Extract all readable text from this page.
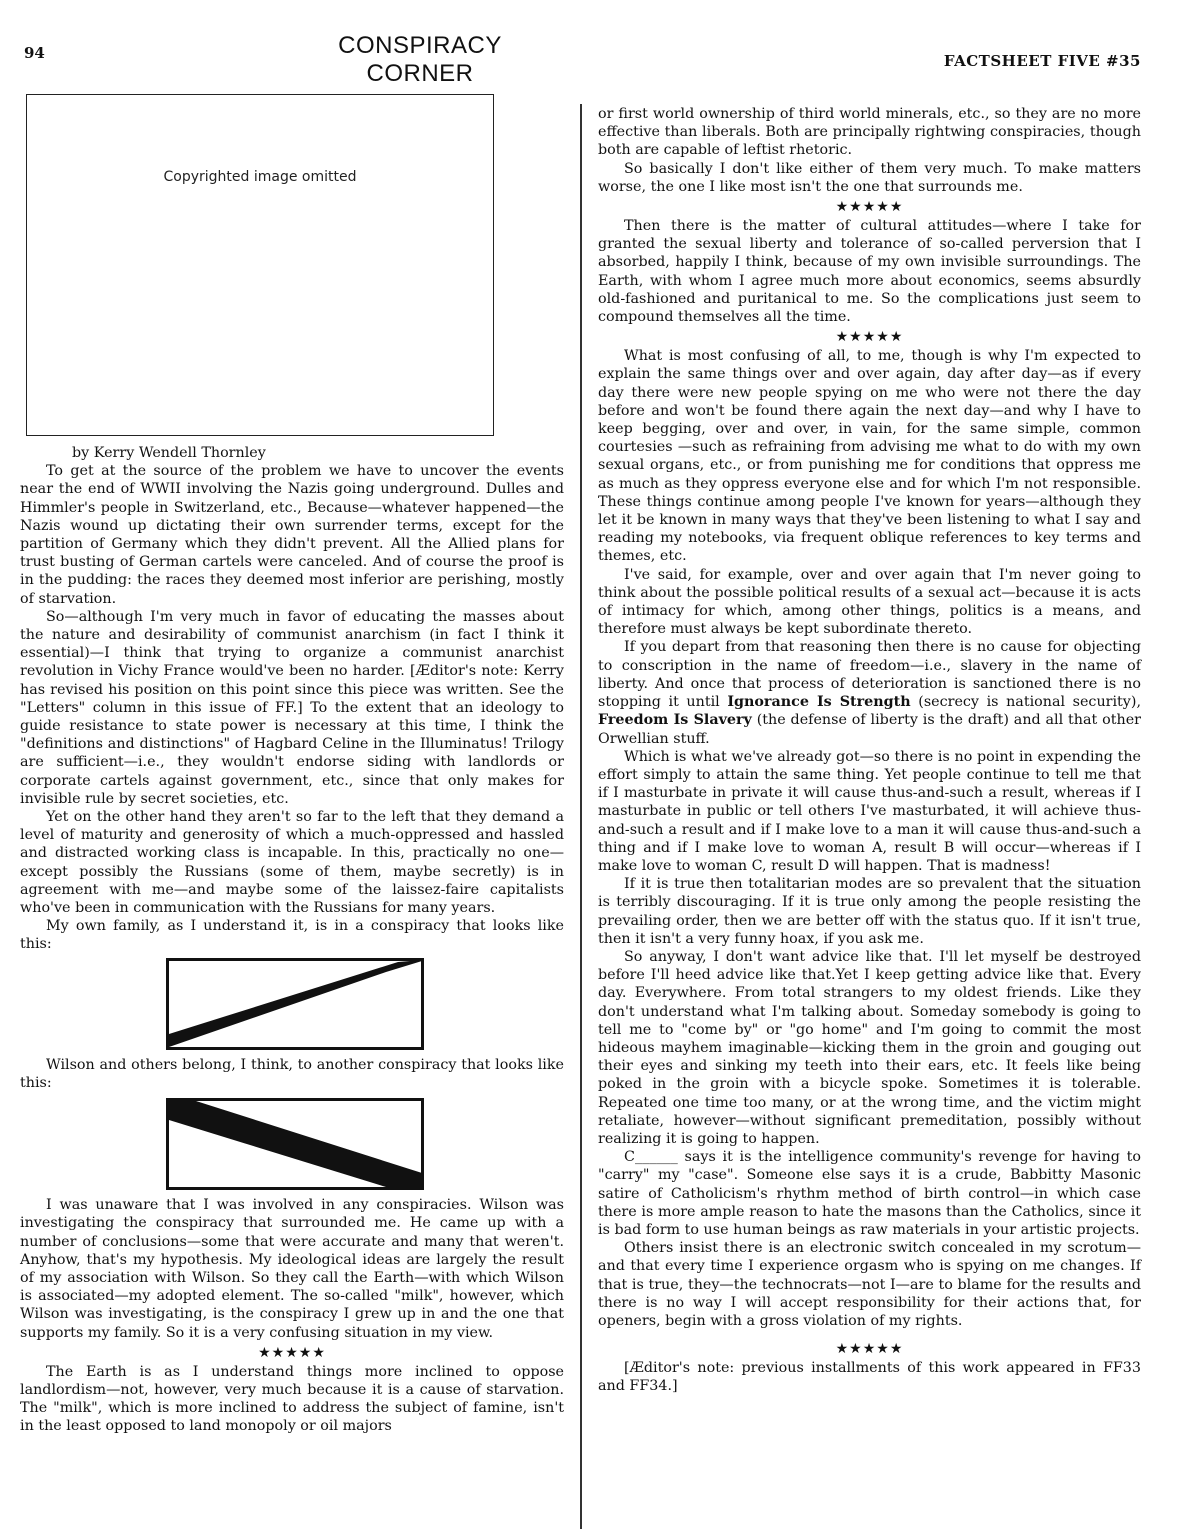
94	CONSPIRACY
CORNER	FACTSHEET FIVE #35
Copyrighted image omitted

by Kerry Wendell Thornley

To get at the source of the problem we have to uncover the events near the end of WWII involving the Nazis going underground. Dulles and Himmler's people in Switzerland, etc., Because—whatever happened—the Nazis wound up dictating their own surrender terms, except for the partition of Germany which they didn't prevent. All the Allied plans for trust busting of German cartels were canceled. And of course the proof is in the pudding: the races they deemed most inferior are perishing, mostly of starvation.

So—although I'm very much in favor of educating the masses about the nature and desirability of communist anarchism (in fact I think it essential)—I think that trying to organize a communist anarchist revolution in Vichy France would've been no harder. [Æditor's note: Kerry has revised his position on this point since this piece was written. See the "Letters" column in this issue of FF.] To the extent that an ideology to guide resistance to state power is necessary at this time, I think the "definitions and distinctions" of Hagbard Celine in the Illuminatus! Trilogy are sufficient—i.e., they wouldn't endorse siding with landlords or corporate cartels against government, etc., since that only makes for invisible rule by secret societies, etc.

Yet on the other hand they aren't so far to the left that they demand a level of maturity and generosity of which a much-oppressed and hassled and distracted working class is incapable. In this, practically no one—except possibly the Russians (some of them, maybe secretly) is in agreement with me—and maybe some of the laissez-faire capitalists who've been in communication with the Russians for many years.

My own family, as I understand it, is in a conspiracy that looks like this:

Wilson and others belong, I think, to another conspiracy that looks like this:

I was unaware that I was involved in any conspiracies. Wilson was investigating the conspiracy that surrounded me. He came up with a number of conclusions—some that were accurate and many that weren't. Anyhow, that's my hypothesis. My ideological ideas are largely the result of my association with Wilson. So they call the Earth—with which Wilson is associated—my adopted element. The so-called "milk", however, which Wilson was investigating, is the conspiracy I grew up in and the one that supports my family. So it is a very confusing situation in my view.

★★★★★

The Earth is as I understand things more inclined to oppose landlordism—not, however, very much because it is a cause of starvation. The "milk", which is more inclined to address the subject of famine, isn't in the least opposed to land monopoly or oil majors

or first world ownership of third world minerals, etc., so they are no more effective than liberals. Both are principally rightwing conspiracies, though both are capable of leftist rhetoric.

So basically I don't like either of them very much. To make matters worse, the one I like most isn't the one that surrounds me.

★★★★★

Then there is the matter of cultural attitudes—where I take for granted the sexual liberty and tolerance of so-called perversion that I absorbed, happily I think, because of my own invisible surroundings. The Earth, with whom I agree much more about economics, seems absurdly old-fashioned and puritanical to me. So the complications just seem to compound themselves all the time.

★★★★★

What is most confusing of all, to me, though is why I'm expected to explain the same things over and over again, day after day—as if every day there were new people spying on me who were not there the day before and won't be found there again the next day—and why I have to keep begging, over and over, in vain, for the same simple, common courtesies —such as refraining from advising me what to do with my own sexual organs, etc., or from punishing me for conditions that oppress me as much as they oppress everyone else and for which I'm not responsible. These things continue among people I've known for years—although they let it be known in many ways that they've been listening to what I say and reading my notebooks, via frequent oblique references to key terms and themes, etc.

I've said, for example, over and over again that I'm never going to think about the possible political results of a sexual act—because it is acts of intimacy for which, among other things, politics is a means, and therefore must always be kept subordinate thereto.

If you depart from that reasoning then there is no cause for objecting to conscription in the name of freedom—i.e., slavery in the name of liberty. And once that process of deterioration is sanctioned there is no stopping it until Ignorance Is Strength (secrecy is national security), Freedom Is Slavery (the defense of liberty is the draft) and all that other Orwellian stuff.

Which is what we've already got—so there is no point in expending the effort simply to attain the same thing. Yet people continue to tell me that if I masturbate in private it will cause thus-and-such a result, whereas if I masturbate in public or tell others I've masturbated, it will achieve thus-and-such a result and if I make love to a man it will cause thus-and-such a thing and if I make love to woman A, result B will occur—whereas if I make love to woman C, result D will happen. That is madness!

If it is true then totalitarian modes are so prevalent that the situation is terribly discouraging. If it is true only among the people resisting the prevailing order, then we are better off with the status quo. If it isn't true, then it isn't a very funny hoax, if you ask me.

So anyway, I don't want advice like that. I'll let myself be destroyed before I'll heed advice like that.Yet I keep getting advice like that. Every day. Everywhere. From total strangers to my oldest friends. Like they don't understand what I'm talking about. Someday somebody is going to tell me to "come by" or "go home" and I'm going to commit the most hideous mayhem imaginable—kicking them in the groin and gouging out their eyes and sinking my teeth into their ears, etc. It feels like being poked in the groin with a bicycle spoke. Sometimes it is tolerable. Repeated one time too many, or at the wrong time, and the victim might retaliate, however—without significant premeditation, possibly without realizing it is going to happen.

C______ says it is the intelligence community's revenge for having to "carry" my "case". Someone else says it is a crude, Babbitty Masonic satire of Catholicism's rhythm method of birth control—in which case there is more ample reason to hate the masons than the Catholics, since it is bad form to use human beings as raw materials in your artistic projects.

Others insist there is an electronic switch concealed in my scrotum—and that every time I experience orgasm who is spying on me changes. If that is true, they—the technocrats—not I—are to blame for the results and there is no way I will accept responsibility for their actions that, for openers, begin with a gross violation of my rights.

★★★★★

[Æditor's note: previous installments of this work appeared in FF33 and FF34.]
